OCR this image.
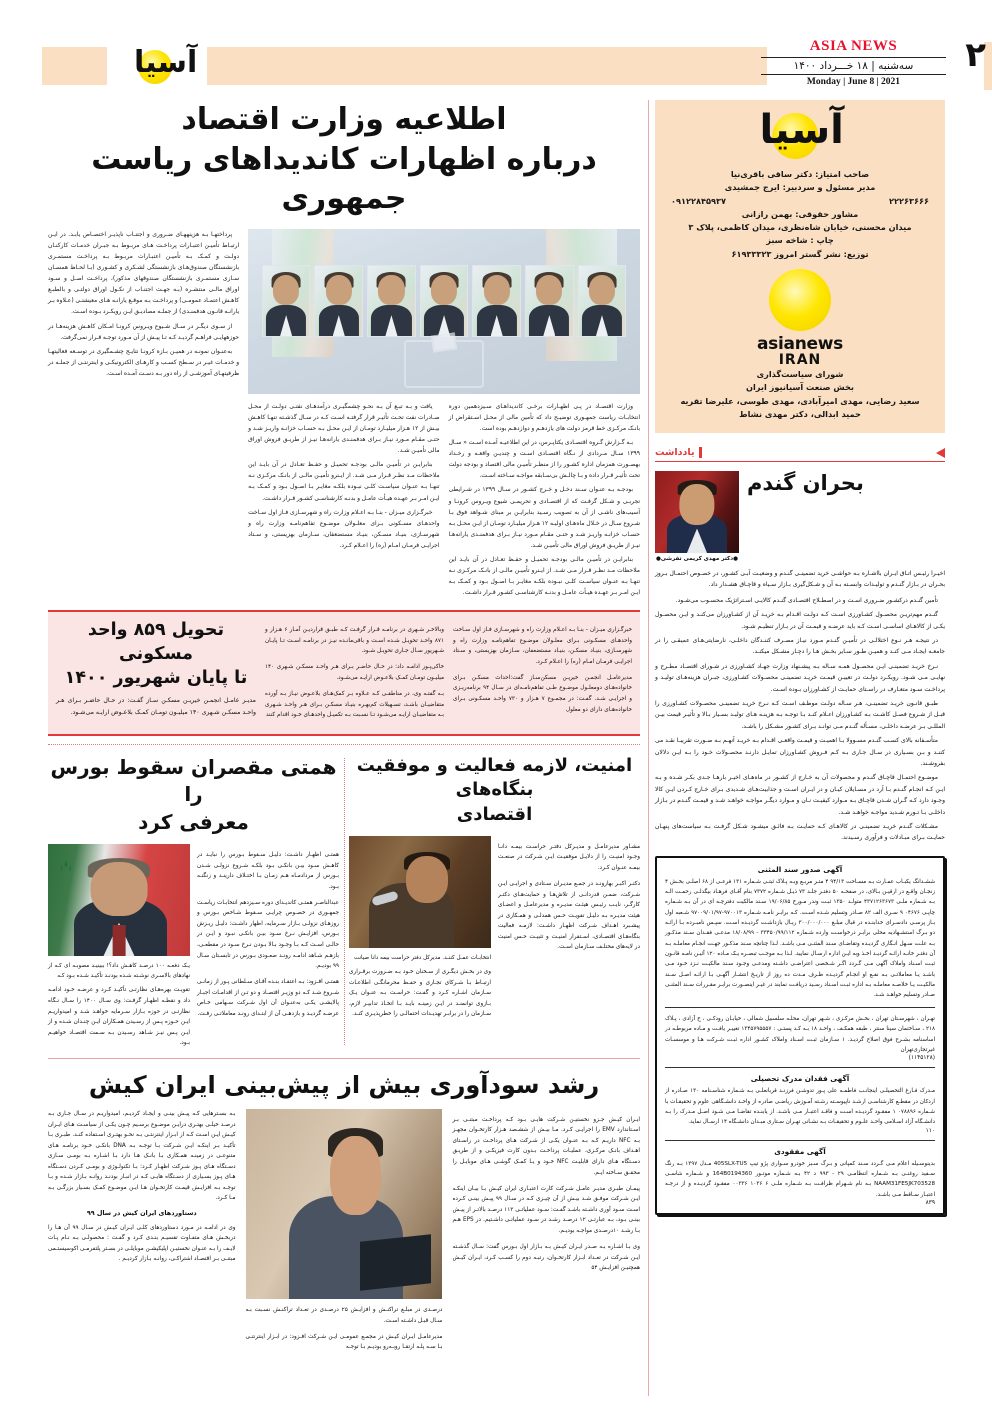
آسیا	ASIA NEWS
سه‌شنبه | ۱۸ خـــرداد ۱۴۰۰
Monday | June 8 | 2021
۲
اطلاعیه وزارت اقتصاد
درباره اظهارات کاندیداهای ریاست جمهوری

وزارت اقتصـاد در پـی اظهـارات برخـی کاندیداهـای سـیزدهمین دوره انتخابـات ریاست جمهـوری توضیـح داد که تأمین مالی از محـل اسـتقراض از بانـک مرکـزی خط قرمز دولت های یازدهـم و دوازدهـم بوده است.

بـه گـزارش گـروه اقتصـادی یکتاپـرس، در این اطلاعیـه آمـده اسـت « سـال ۱۳۹۹ سـال مـردادی از نـگاه اقتصـادی اسـت و چندیـن واقعـه و رخـداد بهصـورت همزمان اداره کشـور را از منظـر تأمیـن مالی اقتصاد و بودجه دولت تحت تأثیـر قـرار داده و بـا چالـش بی‌سـابقه مواجـه سـاخته اسـت.

بودجـه بـه عنـوان سـند دخـل و خـرج کشـور در سـال ۱۳۹۹ در شـرایطی تجربـی و شـکل گرفـت که از اقتصـادی و تحریمـی شیوع ویـروس کرونـا و آسیب‌های ناشـی از آن به تصویب رسـید بنابرایـن بر مبنای شـواهد فوق بـا شـروع سـال در خـلال ماه‌هـای اولیـه ۱۲ هـزار میلیـارد تومـان از ایـن محـل بـه حسـاب خزانـه واریـز شـد و حتـی مقـام مـورد نیـاز بـرای هدفمنـدی یارانه‌هـا نیـز از طریـق فروش اوراق مالی تأمیـن شـد.

بنابرایـن در تأمیـن مالـی بودجـه تحمیـل و حفـظ تعـادل در آن بایـد این ملاحظات مـد نظـر قـرار مـی شـد. از ایـنرو تأمیـن مالـی از بانـک مرکـزی نـه تنهـا بـه عنـوان سیاسـت کلـی نبـوده بلکـه مغایـر بـا اصـول بـود و کمـک بـه ایـن امـر بـر عهـده هیـأت عامـل و بدنـه کارشناسـی کشـور قـرار داشـت.

یافت و بـه تبـع آن بـه نحـو چشمگیـری درآمدهـای نفتـی دولـت از محـل صـادرات نفت تحـت تأثیـر قرار گرفتـه اسـت کـه در سـال گذشـته تنهـا کاهـش بیـش از ۱۲ هـزار میلیـارد تومـان از ایـن محـل بـه حسـاب خزانـه واریـز شـد و حتـی مقـام مـورد نیـاز بـرای هدفمنـدی یارانه‌هـا نیـز از طریـق فروش اوراق مالی تأمیـن شـد.

بنابرایـن در تأمیـن مالـی بودجـه تحمیـل و حفـظ تعـادل در آن بایـد این ملاحظات مـد نظـر قـرار مـی شـد. از ایـنرو تأمیـن مالـی از بانـک مرکـزی نـه تنهـا بـه عنـوان سیاسـت کلـی نبـوده بلکـه مغایـر بـا اصـول بـود و کمـک بـه ایـن امـر بـر عهـده هیـأت عامـل و بدنـه کارشناسـی کشـور قـرار داشـت.

خبرگـزاری میـزان - بنـا بـه اعـلام وزارت راه و شهرسـازی فـاز اول سـاخت واحدهـای مسـکونی بـرای معلـولان موضـوع تفاهم‌نامـه وزارت راه و شهرسـازی، بنیـاد مسـکن، بنیـاد مستضعفان، سـازمان بهزیستی، و سـتاد اجرایـی فرمـان امـام (ره) را اعـلام کـرد.

پرداختهـا بـه هزینههـای ضـروری و اجتنـاب ناپذیـر اختصـاص یابـد. در ایـن ارتبـاط تأمیـن اعتبـارات پرداخـت هـای مربـوط بـه جبـران خدمـات کارکنـان دولـت و کمـک بـه تأمیـن اعتبـارات مربـوط بـه پرداخـت مستمـری بازنشستگان صندوق‌هـای بازنشستگی لشـکری و کشـوری (بـا لحـاظ همسـان سـازی مستمـری بازنشستگان صندوقهای مذکور)، پرداخـت اصـل و سـود اوراق مالـی منتشـره (بـه جهـت اجتنـاب از نکـول اوراق دولتـی و بالطبـع کاهـش اعتمـاد عمومـی) و پرداخـت بـه موقـع یارانـه هـای معیشتـی (عـلاوه بـر یارانـه قانـون هدفمنـدی) از جملـه مصادیـق ایـن رویکـرد بـوده اسـت.

از سـوی دیگـر در سـال شـیوع ویـروس کرونـا امـکان کاهـش هزینه‌هـا در حوزههایـی فراهـم گردیـد کـه تـا پیـش از آن مـورد توجـه قـرار نمی‌گرفت.

به‌عنـوان نمونـه در همیـن بـازه کرونـا نتایـج چشـمگیری در توسـعه فعالیتهـا و خدمـات غیـر در سـطح کسـب و کارهـای الکترونیکـی و اینترنتـی از جملـه در ظرفیتهـای آموزشـی از راه دور بـه دسـت آمـده اسـت.

خبرگـزاری میـزان - بنـا بـه اعـلام وزارت راه و شهرسـازی فـاز اول سـاخت واحدهـای مسکـونی بـرای معلـولان موضـوع تفاهم‌نامـه وزارت راه و شهرسـازی، بنیـاد مسکـن، بنیـاد مستضعفان، سـازمان بهزیستی، و سـتاد اجرایـی فرمـان امـام (ره) را اعـلام کـرد.

مدیرعامـل انجمـن خیریـن مسکن‌سـاز گفت:احداث مسکـن بـرای خانواده‌هـای دومعلـول موضـوع طـی تفاهم‌نامـه‌ای در سـال ۹۴ برنامه‌ریـزی و اجرایـی شـد. گفـت: در مجمـوع ۷ هـزار و ۷۳۰ واحـد مسکـونی بـرای خانواده‌هـای دارای دو معلول

وبالاخـر شـهری در برنامـه قـرار گرفـت کـه طبـق قراردیـن آمـار ۶ هـزار و ۸۷۱ واحـد تحویـل شـده اسـت و باقی‌مانـده نیـز در برنامـه اسـت تـا پایـان شـهریور سـال جـاری تحویـل شـود.

خاکی‌پـور ادامـه داد: در حـال حاضـر بـرای هـر واحـد مسکـن شـهری ۱۴۰ میلیـون تومـان کمـک بلاعـوض ارایـه می‌شـود.

بـه گفتـه وی، در مناطقـی کـه عـلاوه بـر کمک‌هـای بلاعـوض نیـاز بـه آورده متقاضیـان باشـد، تسـهیلات کم‌بهـره بنیـاد مسکـن بـرای هـر واحـد شـهری بـه متقاضیـان ارایـه می‌شـود تـا نسـبت بـه تکمیـل واحدهـای خـود اقدام کنند

تحویل ۸۵۹ واحد مسکونی
تا پایان شهریور ۱۴۰۰
مدیـر عامـل انجمـن خیریـن مسکـن سـاز گفـت: در حـال حاضـر بـرای هـر واحـد مسکـن شـهری ۱۴۰ میلیـون تومـان کمـک بلاعـوض ارایـه می‌شـود.
امنیت، لازمه فعالیت و موفقیت بنگاه‌های
اقتصادی

مشـاور مدیرعامـل و مدیـرکل دفتـر حراسـت بیمـه دانـا وجـود امنیـت را از دلایـل موفقیـت ایـن شـرکت در صنعـت بیمـه عنـوان کـرد.

دکتـر اکبـر بهارونـد در جمـع مدیـران سـتادی و اجرایـی ایـن شـرکت، ضمـن قدردانـی از تلاش‌هـا و حمایت‌هـای دکتـر کارگـر، نایـب رئیـس هیئـت مدیـره و مدیرعامـل و اعضـای هیئت مدیـره بـه دلیـل تقویـت حـس همدلـی و همـکاری در پیشـبرد اهـداف شـرکت اظهـار داشـت: لازمـه فعالیت بنگاه‌هـای اقتصـادی، اسـتقرار امنیـت و تثبیـت حـس امنیت در لایه‌های مختلـف سـازمان اسـت.

انتخابـات عمـل کننـد. مدیرکل دفتر حراست بیمه دانا صیانت
وی در بخـش دیگـری از سـخنان خـود بـه ضـرورت برقـراری ارتبـاط بـا شـرکای تجـاری و حفـظ محرمانگـی اطلاعـات سـازمان اشـاره کـرد و گفـت: حراسـت بـه عنـوان یـک بـازوی توانمنـد در ایـن زمینـه بایـد بـا اتخـاذ تدابیـر لازم، سـازمان را در برابـر تهدیـدات احتمالـی را خطرپذیـری کنـد.
همتی مقصران سقوط بورس را
معرفی کرد

همتـی اظهـار داشـت: دلیـل سـقوط بـورس را نبایـد در کاهـش سـود بیـن بانکـی بـود بلکـه شـروع نزولـی شـدن بـورس از مردادمـاه هـم زمـان بـا اختـلاف دارینـد و زنگنـه بـود.

عبدالناصـر همتـی کاندیـدای دوره سـیزدهم انتخابـات ریاسـت جمهـوری در خصـوص چرایـی سـقوط شـاخص بـورس و روزهـای نزولـی بـازار سـرمایه، اظهار داشـت: دلیـل ریـزش بـورس، افزایـش نـرخ سـود بیـن بانکـی نبـود و ایـن در حالـی اسـت کـه بـا وجـود بـالا بـودن نـرخ سـود در مقطعـی، بازهـم شـاهد ادامـه رونـد صعـودی بـورس در تابسـتان سـال ۹۹ بودیـم.

همتـی افـزود: بـه اعتقـاد بنـده آقـای سـلطانی پـور از زمانـی شـروع شـد کـه دو وزیـر اقتصـاد و دو تـن از اقدامـات اجبـار پالایشـی یکـی به‌عنـوان آن اول شـرکت سـهامی خـاص عرضـه گردیـد و بازدهـی آن از ابتـدای رونـد معاملاتـی رفـت.

یـک دفعـه ۱۰۰ درصـد کاهـش داد؟! ببینیـد مصوبـه ای کـه از نهادهای بالاسـری نوشـته شـده بودنـد تأکیـد شـده بـود کـه
تقویـت بهره‌هـای نظارتـی تأکیـد کـرد و عرضـه خـود ادامـه داد و نقطـه اظهـار گرفـت: وی سـال ۱۴۰۰ را سـال نـگاه نظارتـی در حوزه بـازار سـرمایه خواهـد شـد و امیدواریـم ایـن حـوزه پـس از رسـیدن همـکاران ایـن چنـدان شـده و از ایـن پـس نیـز شـاهد رسـیدن بـه سـمت اقتصـاد خواهیـم بـود.
رشد سودآوری بیش از پیش‌بینی ایران کیش

ایـران کیـش جـزو نخستیـن شـرکت هایـی بـود کـه پرداخـت مبتنـی بـر اسـتاندارد EMV را اجرایـی کـرد. مـا بیـش از ششـصد هـزار کارتخـوان مجهـز بـه NFC داریـم کـه بـه عنـوان یکـی از شـرکت هـای پرداخـت در راسـتای اهـداف بانـک مرکـزی، عملیـات پرداخـت بـدون کارت فیزیکـی و از طریـق دسـتگاه هـای دارای قابلیـت NFC خـود و یـا کمـک گوشـی هـای موبایـل را محقـق سـاخته ایـم.

پیمـان طبـری مدیـر عامـل شـرکت کارت اعتبـاری ایران کیـش بـا بیـان اینکـه ایـن شـرکت موفـق شـد بیـش از آن چیـزی کـه در سـال ۹۹ پیـش بینـی کـرده اسـت سـود آوری داشـته باشـد گفـت: سـود عملیاتـی ۱۱۳ درصـد بالاتـر از پیـش بینـی بـود، بـه عبارتـی ۱۲ درصـد رشـد در سـود عملیاتـی داشـتیم. در EPS هـم بـا رشـد ۱۰درصـدی مواجـه بودیـم.

وی بـا اشـاره بـه صـدر ایـران کیـش بـه بـازار اول بـورس گفت: سـال گذشـته ایـن شـرکت در تعـداد ابـزار کارتخـوان، رتبـه دوم را کسـب کـرد، ایـران کیـش همچنیـن افزایـش ۵۴

درصـدی در مبلـغ تراکنـش و افزایـش ۲۵ درصـدی در تعـداد تراکنـش نسـبت بـه سـال قبـل داشـته اسـت.

مدیرعامـل ایـران کیـش در مجمـع عمومـی ایـن شـرکت افـزود: در ابـزار اینترنتـی بـا سـه پلـه ارتقـا روبـه‌رو بودیـم بـا توجـه

بـه بسـترهایی کـه پیـش بینـی و ایجـاد کردیـم، امیدواریـم در سـال جـاری بـه درصـد خیلـی بهتـری درایـن موضـوع برسـیم چـون یکـی از سیاسـت هـای ایـران کیـش ایـن اسـت کـه از ابـزار اینترنتـی بـه نحـو بهتـری اسـتفاده کنـد. طبـری بـا تأکیـد بـر اینکـه ایـن شـرکت بـا توجـه بـه DNA بانکـی خـود برنامـه هـای متنوعـی در زمینـه همـکاری بـا بانـک هـا دارد بـا اشـاره بـه بومـی سـازی دسـتگاه هـای پـوز شـرکت اظهـار کـرد: بـا تکنولـوژی و بومـی کـردن دسـتگاه هـای پـوز بسـیاری از دسـتگاه هایـی کـه در انبـار بودنـد روانـه بـازار شـده و بـا توجـه بـه افزایـش قیمـت کارتخـوان هـا ایـن موضـوع کمـک بسـیار بزرگـی بـه مـا کـرد.
دستاوردهای ایران کیش در سال ۹۹
وی در ادامـه در مـورد دستاوردهای کلـی ایـران کیـش در سـال ۹۹ آن هـا را دربخـش هـای متفـاوت تقسیـم بنـدی کـرد و گفـت : محصولـی بـه نـام پـات لایـف را بـه عنـوان نخستیـن اپلیکیشـن موبایلـی در بسـتر پلتفرمـی اکوسیستـمی مبتنـی بـر اقتصـاد اشتراکـی، روانـه بـازار کردیـم .
آسیا
صاحب امتیاز: دکتر ساقی باقری‌نیا
مدیر مسئول و سردبیر: ایرج جمشیدی
۲۲۲۶۳۶۶۶
۰۹۱۲۲۸۴۵۹۳۷
مشاور حقوقی: بهمن رازانی
میدان محسنی، خیابان شاه‌نظری، میدان کاظمی، پلاک ۳
چاپ : شاخه سبز
توزیع: نشر گستر امروز ۶۱۹۳۳۳۲۳
asianews
IRAN
شورای سیاست‌گذاری
بخش صنعت آسیانیوز ایران
سعید رضایی، مهدی امیرآبادی، مهدی طوسی، علیرضا تقریه
حمید ابدالی، دکتر مهدی نشاط
یادداشت
بحران گندم
●دکتر مهدی کریمی تفرشی●
اخیـرا رئیـس اتـاق ایـران بااشـاره بـه حواشـی خرید تضمینـی گنـدم و وضعیـت آبـی کشـور، در خصـوص احتمـال بـروز بحـران در بـازار گنـدم و تولیـدات وابسـته بـه آن و شـکل‌گیری بـازار سـیاه و قاچـاق هشـدار داد.

تأمین گنـدم درکشـور ضـروری اسـت و در اصطـلاح اقتصـادی گنـدم کالایـی اسـتراتژیک محسـوب می‌شـود.

گنـدم مهم‌تریـن محصـول کشـاورزی اسـت کـه دولـت اقـدام بـه خریـد آن از کشـاورزان می‌کنـد و ایـن محصـول یکـی از کالاهـای اساسـی اسـت کـه باید عرضـه و قیمـت آن در بـازار تنظیـم شـود.

در نتیجـه هـر نـوع اختلالـی در تأمیـن گنـدم مـورد نیـاز مصـرف کننـدگان داخلـی، نارضایتی‌هـای عمیقـی را در جامعـه ایجـاد مـی کنـد و همیـن طـور سـایر بخـش هـا را دچـار مشـکل میکنـد.

نـرخ خریـد تضمینـی ایـن محصـول همـه سـاله بـه پیشـنهاد وزارت جهـاد کشـاورزی در شـورای اقتصـاد مطـرح و نهایـی مـی شـود. رویکـرد دولـت در تعییـن قیمـت خریـد تضمینـی محصـولات کشـاورزی، جبـران هزینه‌هـای تولیـد و پرداخـت سـود متعـارف در راسـتای حمایـت از کشـاورزان بـوده اسـت.

طبـق قانـون خریـد تضمینـی، هـر سـاله دولـت موظـف اسـت کـه نـرخ خریـد تضمینـی محصـولات کشـاورزی را قبـل از شـروع فصـل کاشـت بـه کشـاورزان اعـلام کنـد بـا توجـه بـه هزینـه هـای تولیـد بسـیار بـالا و تأثیـر قیمت بیـن المللـی بـر عرضـه داخلـی، مسـأله گنـدم مـی توانـد بـرای کشـور مشـکل را باشـد.

متأسـفانه بالای کسـب گنـدم مسـوولا بـا اهمیـت و قیمـت واقعـی اقـدام بـه خریـد آنهـم بـه صـورت تقریبـا نقـد می کننـد و بـن بسـیاری در سـال جـاری بـه کـم فـروش کشـاورزان تمایـل دارنـد محصـولات خـود را بـه ایـن دلالان بفروشـند.

موضـوع احتمـال قاچـاق گنـدم و محصولات آن به خـارج از کشـور در ماه‌هـای اخیـر بارهـا جـدی بکـر شـده و بـه ایـن کـه انجـام گنـدم بـا آرد در مسـایلان کیـان و در ایـران اسـت و جذابیت‌هـای شـدیدی بـرای خـارج کـردن ایـن کالا وجـود دارد کـه گـران شـدن قاچـاق بـه مـوارد کیفیـت نـان و مـوارد دیگـر مواجـه خواهـد شـد و قیمـت گنـدم در بـازار داخلـی بـا تـورم شـدید مواجـه خواهـد شـد.

مشـکلات گنـدم خریـد تضمینـی در کالاهـای کـه حمایـت بـه فائـق میشـود شـکل گرفـت بـه سیاست‌های پنهـان حمایـت بـرای مبـادلات و فرآوری رسـیدند.

آگهی صدور سند المثنی

ششـدانگ یکبـاب عمـارت بـه مسـاحت ۹۴/۱۳ ۴ متـر مربـع وبـه پـلاک ثبتـی شـماره ۱۳۱ فرعـی از ۶۸ اصلـی بخـش ۴ زنجـان واقـع در ارقیـن بـالای، در صفحـه ۵۰ دفتـر جلـد ۷۳ ذیـل شـماره ۷۳۷۲ بنام آقـای فرهـاد بیگدلـی رحمـت الـه بـه شـماره ملـی ۴۳۷۱۲۶۳۶۷۳ متولـد ۱۳۵۰ ثبـت وندر مـورخ ۱۹/۰۶/۸۵ سـند مالکیت دفترچـه ای در آن بـه شـماره چاپـی ۰۴۶۷۶ ۹ سـری الف ۸۲ صـادر وتسلیم شـده اسـت. کـه برابـر نامـه شـماره ۹۷۰۰۱۳-۹۷۰۰۹/۰۱/۹۷ شـعبه اول بـاز پرسـی دادسـرای خدابنـده در قبال مبلـغ ۳۰۰/۰۰۰/۰۰۰ ریـال بازداشـت گردیـده اسـت. سپـس نامبـرده بـا ارائـه دو بـرگ استشـهادیه محلی برابـر درخواسـت وارده شـماره ۳۳۴۵۰/۹۹/۱۱۲ - ۱۸/۰۸/۹۹ مدعـی فقـدان سـند مذکـور بـه علـت سـهل انـگاری گردیـده وتقاضـای سـند المثنـی مـی باشـد. لـذا چنانچه سـند مذکـور جهـت انجـام معاملـه بـه آن دفتـر خانـه ارائـه گردیـد اخـذ وبه ایـن اداره ارسـال نمایید. لـذا بـه موجـب تبصـره یـک مـاده ۱۲۰ آئیـن نامـه قانـون ثبـت اسـناد واملاک آگهی مـی گـردد اگـر شـخصی اعتراضـی داشـته ومدعـی وجـود سـند مالکیـت نـزد خـود مـی باشـد یـا معاملاتـی بـه نفـع او انجـام گردیـده ظـرف مـدت ده روز از تاریـخ انتشـار آگهـی بـا ارائـه اصـل سـند مالکیـت یـا خلاصـه معاملـه بـه اداره ثبـت اسـناد رسـید دریافـت نمایند در غیـر اینصـورت برابـر مقـررات سـند المثنـی صـادر وتسلیم خواهـد شـد.
تهـران ، شهرسـتان تهران ، بخـش مرکـزی ، شـهر تهران، محلـه سلسبیل شمالی ، خیابـان رودکـی ، خ آزادی ، پـلاک ۲۱۸ ، سـاختمان سینا سنتر ، طبقه همکـف ، واحـد ۱۸ بـه کـد پستـی : ۱۳۴۵۷۹۵۵۵۷ تغییـر یافـت و مـاده مربوطـه در اساسنامه بشـرح فوق اصلاح گردیـد. ۱ سـازمان ثبـت اسـناد واملاک کشـور اداره ثبـت شـرکت هـا و موسسـات غیرتجاری‌تهران
(۱۱۴۵۱۲۸)

آگهی فقدان مدرک تحصیلی

مـدرک فـارغ التحصیلـی اینجانـب فاطمـه علی پـور تدوشـن فرزنـد قربانعلـی بـه شـماره شناسـنامه ۱۳۰ صـادره از اردکان در مقطـع کارشناسـی ارشـد ناپیوسـته رشـته آمـوزش ریاضـی صادره از واحـد دانشـگاهی علوم و تحقیقـات با شـماره ۰۷۸۸۹۶ ۱ مفقـود گردیـده اسـت و فاقـد اعتبـار مـی باشـد. از یابنـده تقاضـا مـی شـود اصـل مـدرک را بـه دانشـگاه آزاد اسـلامی واحـد علـوم و تحقیقـات بـه نشـانی تهـران سـتاری مبـدان دانشـگاه ۱۴ ارسـال نماید.
۱۱۰

آگهی مفقودی

بدینوسـیله اعلام مـی گـردد سـند کمپانی و بـرگ سـبز خودرو سـواری پژو تیپ 405SLX-TU5 مـدل ۱۳۹۷ بـه رنگ سـفید روغنـی بـه شـماره انتظامـی ۲۹ - ۹۹۳ د ۴۲ بـه شـماره موتـور 164B0194360 و شـماره شاسـی NAAM31FE5JK703528 بـه نام شـهرام ظرافـت بـه شـماره ملـی ۶ ۱۰۳۶ ۰۰۳۳۶ مفقـود گردیـده و از درجـه اعتبـار سـاقط مـی باشـد.
۸۳۹
